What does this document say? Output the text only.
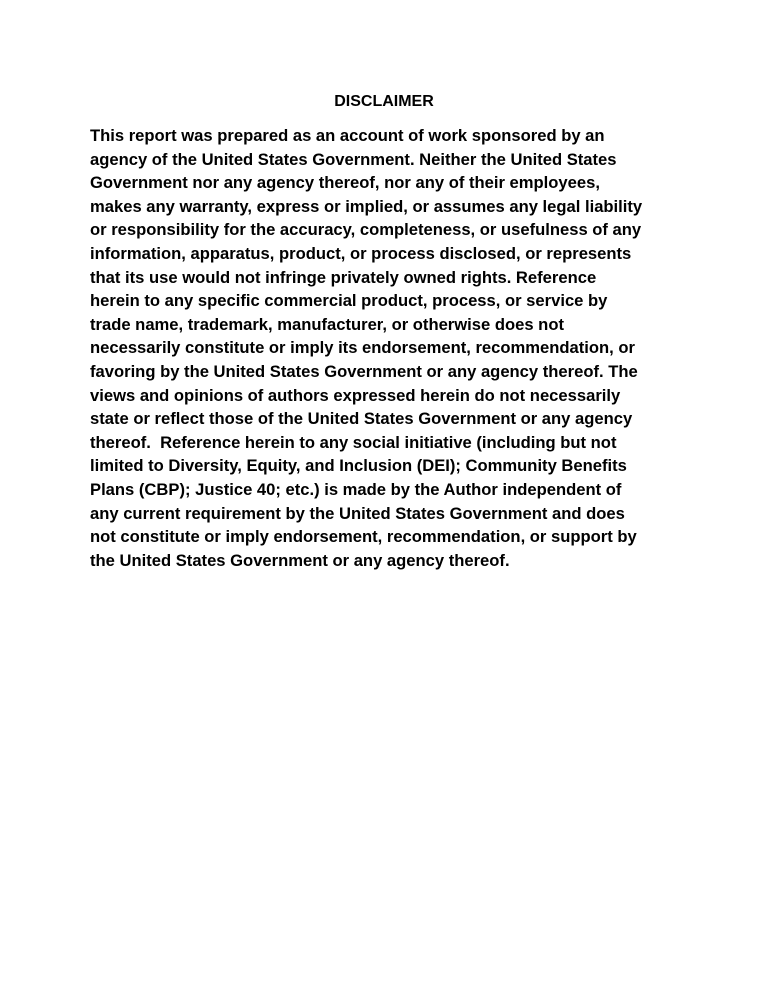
DISCLAIMER
This report was prepared as an account of work sponsored by an
agency of the United States Government. Neither the United States
Government nor any agency thereof, nor any of their employees,
makes any warranty, express or implied, or assumes any legal liability
or responsibility for the accuracy, completeness, or usefulness of any
information, apparatus, product, or process disclosed, or represents
that its use would not infringe privately owned rights. Reference
herein to any specific commercial product, process, or service by
trade name, trademark, manufacturer, or otherwise does not
necessarily constitute or imply its endorsement, recommendation, or
favoring by the United States Government or any agency thereof. The
views and opinions of authors expressed herein do not necessarily
state or reflect those of the United States Government or any agency
thereof.  Reference herein to any social initiative (including but not
limited to Diversity, Equity, and Inclusion (DEI); Community Benefits
Plans (CBP); Justice 40; etc.) is made by the Author independent of
any current requirement by the United States Government and does
not constitute or imply endorsement, recommendation, or support by
the United States Government or any agency thereof.
